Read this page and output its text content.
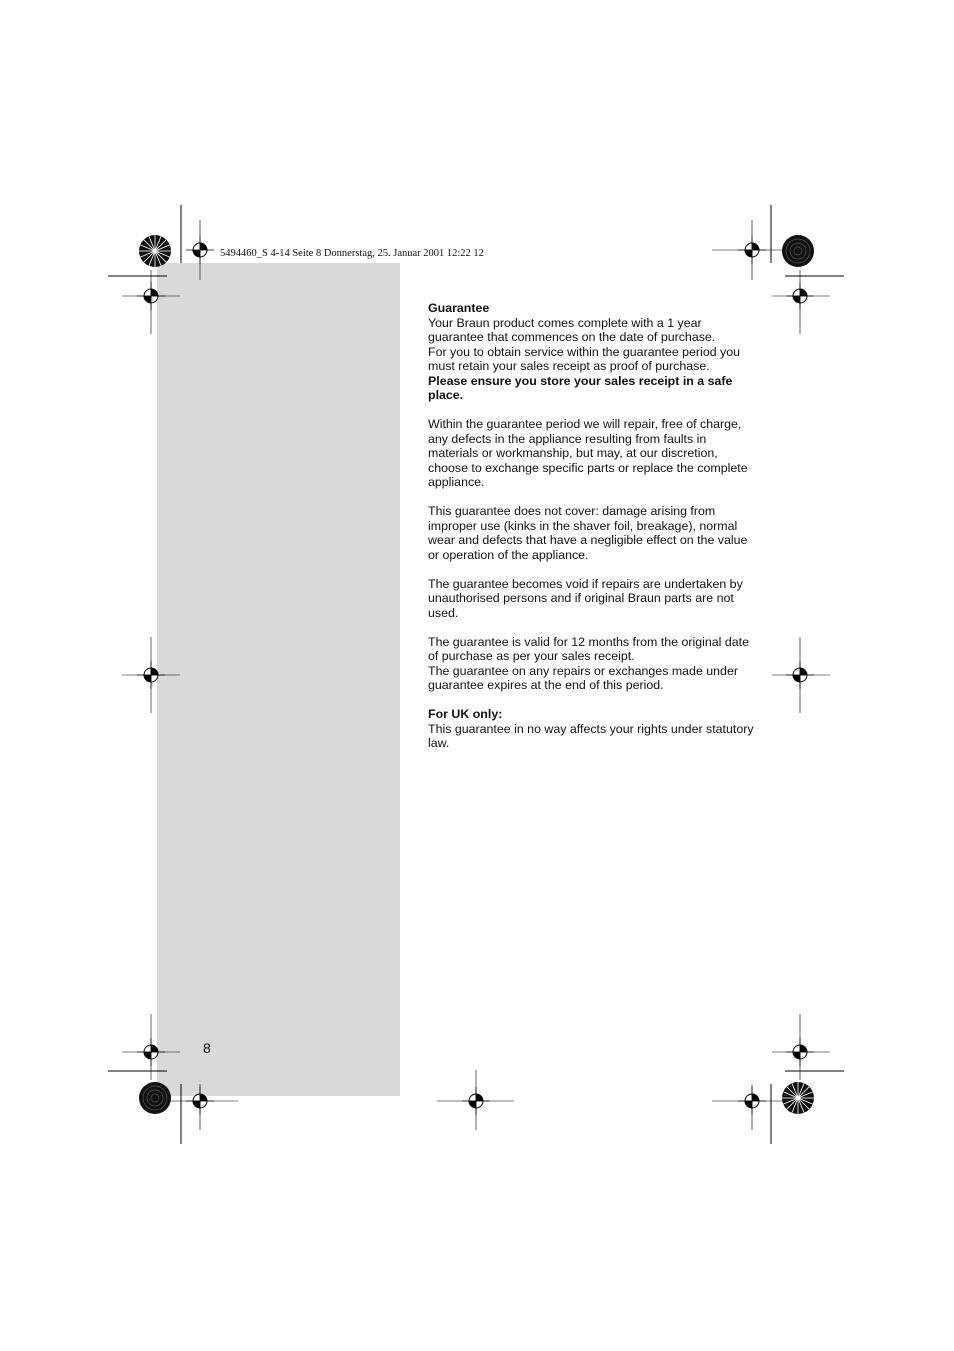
5494460_S 4-14 Seite 8 Donnerstag, 25. Januar 2001 12:22 12

Guarantee
Your Braun product comes complete with a 1 year guarantee that commences on the date of purchase.
For you to obtain service within the guarantee period you must retain your sales receipt as proof of purchase.
Please ensure you store your sales receipt in a safe place.

Within the guarantee period we will repair, free of charge, any defects in the appliance resulting from faults in materials or workmanship, but may, at our discretion, choose to exchange specific parts or replace the complete appliance.

This guarantee does not cover: damage arising from improper use (kinks in the shaver foil, breakage), normal wear and defects that have a negligible effect on the value or operation of the appliance.

The guarantee becomes void if repairs are undertaken by unauthorised persons and if original Braun parts are not used.

The guarantee is valid for 12 months from the original date of purchase as per your sales receipt.
The guarantee on any repairs or exchanges made under guarantee expires at the end of this period.

For UK only:
This guarantee in no way affects your rights under statutory law.

8
